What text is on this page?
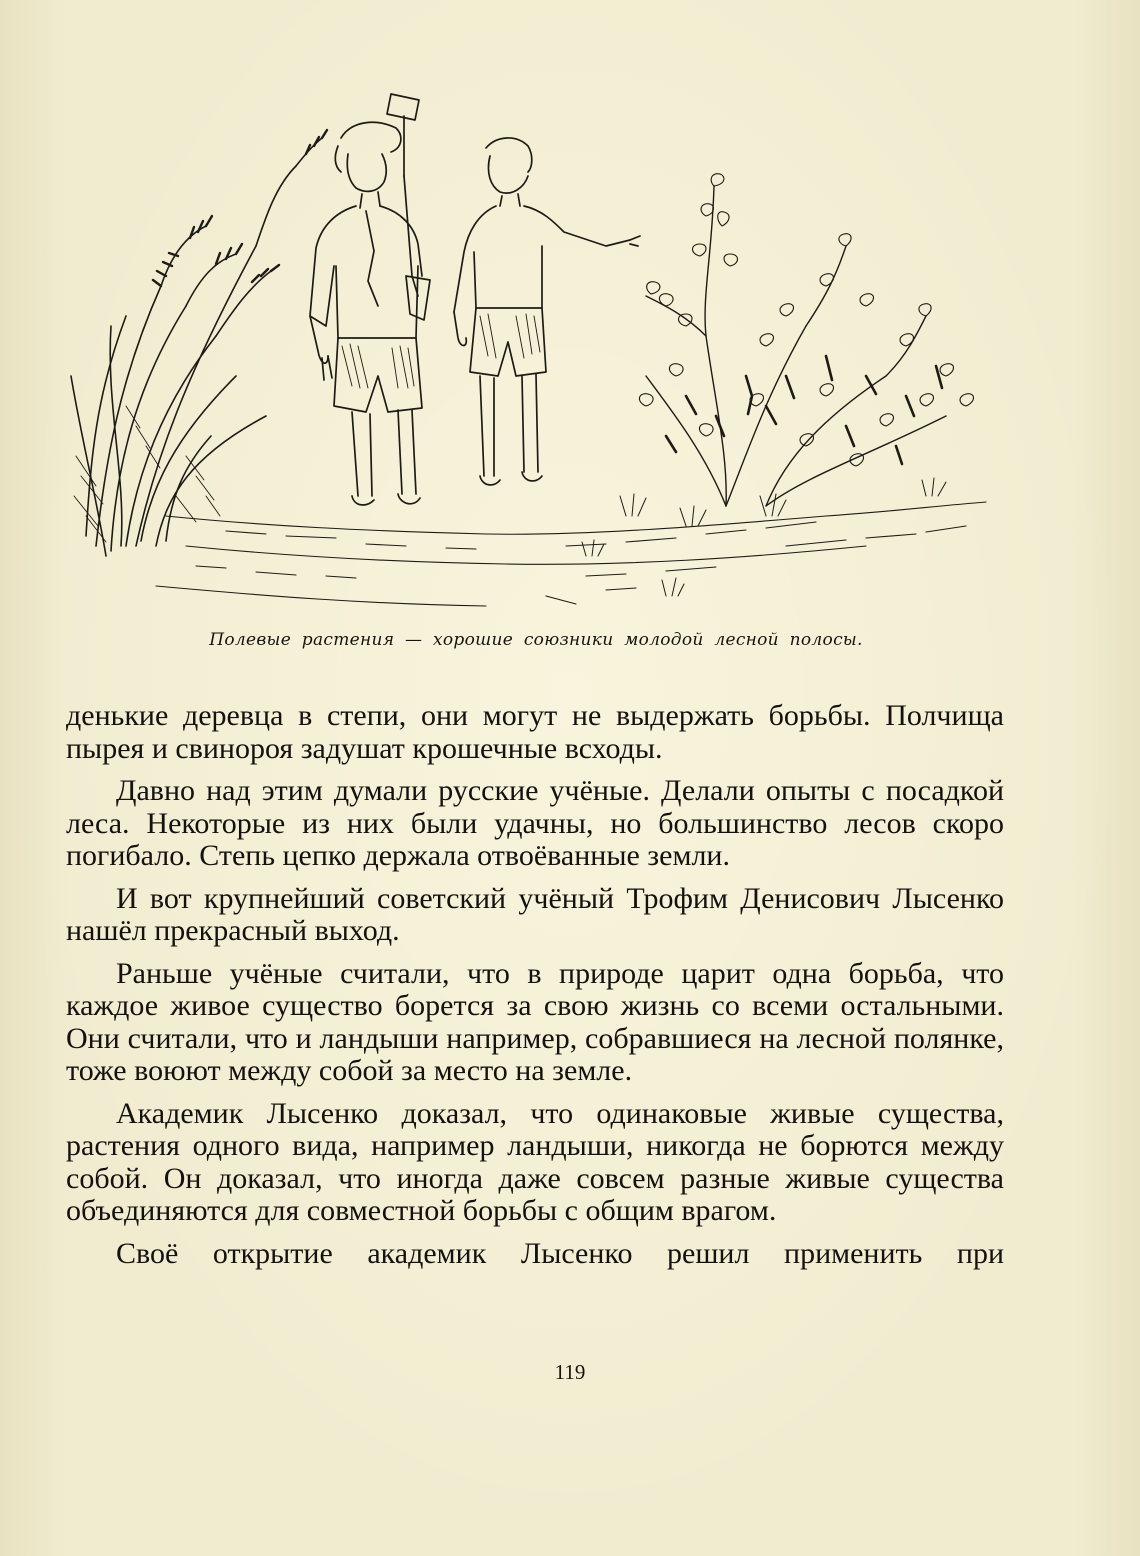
Полевые растения — хорошие союзники молодой лесной полосы.

денькие деревца в степи, они могут не выдержать борьбы. Полчища пырея и свинороя задушат крошечные всходы.

Давно над этим думали русские учёные. Делали опыты с посадкой леса. Некоторые из них были удачны, но большинство лесов скоро погибало. Степь цепко держала отвоёванные земли.

И вот крупнейший советский учёный Трофим Денисович Лысенко нашёл прекрасный выход.

Раньше учёные считали, что в природе царит одна борьба, что каждое живое существо борется за свою жизнь со всеми остальными. Они считали, что и ландыши например, собравшиеся на лесной полянке, тоже воюют между собой за место на земле.

Академик Лысенко доказал, что одинаковые живые существа, растения одного вида, например ландыши, никогда не борются между собой. Он доказал, что иногда даже совсем разные живые существа объединяются для совместной борьбы с общим врагом.

Своё открытие академик Лысенко решил применить при

119
